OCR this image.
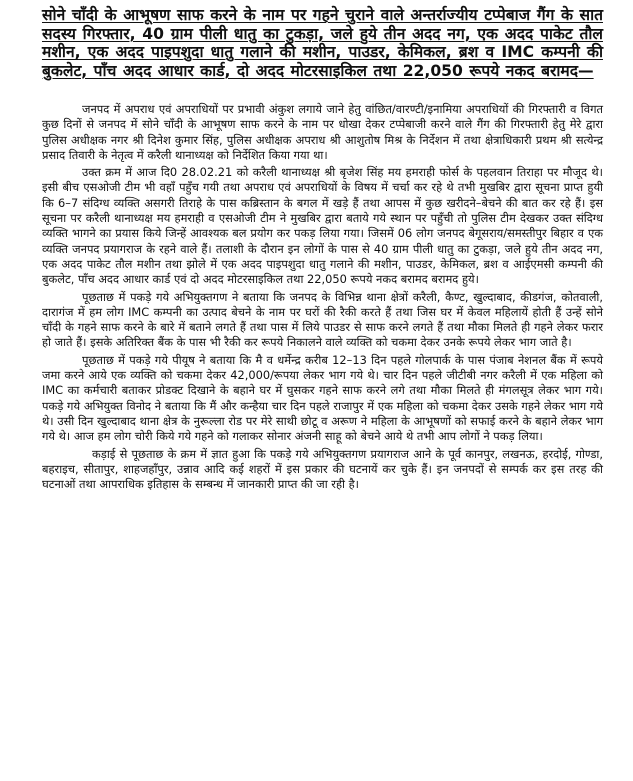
सोने चाँदी के आभूषण साफ करने के नाम पर गहने चुराने वाले अन्तर्राज्यीय टप्पेबाज गैंग के सात सदस्य गिरफ्तार, 40 ग्राम पीली धातु का टुकड़ा, जले हुये तीन अदद नग, एक अदद पाकेट तौल मशीन, एक अदद पाइपशुदा धातु गलाने की मशीन, पाउडर, केमिकल, ब्रश व IMC कम्पनी की बुकलेट, पाँच अदद आधार कार्ड, दो अदद मोटरसाइकिल तथा 22,050 रूपये नकद बरामद—

जनपद में अपराध एवं अपराधियों पर प्रभावी अंकुश लगाये जाने हेतु वांछित/वारण्टी/इनामिया अपराधियों की गिरफ्तारी व विगत कुछ दिनों से जनपद में सोने चाँदी के आभूषण साफ करने के नाम पर धोखा देकर टप्पेबाजी करने वाले गैंग की गिरफ्तारी हेतु मेरे द्वारा पुलिस अधीक्षक नगर श्री दिनेश कुमार सिंह, पुलिस अधीक्षक अपराध श्री आशुतोष मिश्र के निर्देशन में तथा क्षेत्राधिकारी प्रथम श्री सत्येन्द्र प्रसाद तिवारी के नेतृत्व में करैली थानाध्यक्ष को निर्देशित किया गया था।

उक्त क्रम में आज दि0 28.02.21 को करैली थानाध्यक्ष श्री बृजेश सिंह मय हमराही फोर्स के पहलवान तिराहा पर मौजूद थे। इसी बीच एसओजी टीम भी वहाँ पहुँच गयी तथा अपराध एवं अपराधियों के विषय में चर्चा कर रहे थे तभी मुखबिर द्वारा सूचना प्राप्त हुयी कि 6–7 संदिग्ध व्यक्ति असगरी तिराहे के पास कब्रिस्तान के बगल में खड़े हैं तथा आपस में कुछ खरीदने–बेचने की बात कर रहे हैं। इस सूचना पर करैली थानाध्यक्ष मय हमराही व एसओजी टीम ने मुखबिर द्वारा बताये गये स्थान पर पहुँची तो पुलिस टीम देखकर उक्त संदिग्ध व्यक्ति भागने का प्रयास किये जिन्हें आवश्यक बल प्रयोग कर पकड़ लिया गया। जिसमें 06 लोग जनपद बेगूसराय/समस्तीपुर बिहार व एक व्यक्ति जनपद प्रयागराज के रहने वाले हैं। तलाशी के दौरान इन लोगों के पास से 40 ग्राम पीली धातु का टुकड़ा, जले हुये तीन अदद नग, एक अदद पाकेट तौल मशीन तथा झोले में एक अदद पाइपशुदा धातु गलाने की मशीन, पाउडर, केमिकल, ब्रश व आईएमसी कम्पनी की बुकलेट, पाँच अदद आधार कार्ड एवं दो अदद मोटरसाइकिल तथा 22,050 रूपये नकद बरामद बरामद हुये।

पूछताछ में पकड़े गये अभियुक्तगण ने बताया कि जनपद के विभिन्न थाना क्षेत्रों करैली, कैण्ट, खुल्दाबाद, कीडगंज, कोतवाली, दारागंज में हम लोग IMC कम्पनी का उत्पाद बेचने के नाम पर घरों की रैकी करते हैं तथा जिस घर में केवल महिलायें होती हैं उन्हें सोने चाँदी के गहने साफ करने के बारे में बताने लगते हैं तथा पास में लिये पाउडर से साफ करने लगते हैं तथा मौका मिलते ही गहने लेकर फरार हो जाते हैं। इसके अतिरिक्त बैंक के पास भी रैकी कर रूपये निकालने वाले व्यक्ति को चकमा देकर उनके रूपये लेकर भाग जाते है।

पूछताछ में पकड़े गये पीयूष ने बताया कि मै व धर्मेन्द्र करीब 12–13 दिन पहले गोलपार्क के पास पंजाब नेशनल बैंक में रूपये जमा करने आये एक व्यक्ति को चकमा देकर 42,000/रूपया लेकर भाग गये थे। चार दिन पहले जीटीबी नगर करैली में एक महिला को IMC का कर्मचारी बताकर प्रोडक्ट दिखाने के बहाने घर में घुसकर गहने साफ करने लगे तथा मौका मिलते ही मंगलसूत्र लेकर भाग गये। पकड़े गये अभियुक्त विनोद ने बताया कि मैं और कन्हैया चार दिन पहले राजापुर में एक महिला को चकमा देकर उसके गहने लेकर भाग गये थे। उसी दिन खुल्दाबाद थाना क्षेत्र के नुरूल्ला रोड पर मेरे साथी छोटू व अरूण ने महिला के आभूषणों को सफाई करने के बहाने लेकर भाग गये थे। आज हम लोग चोरी किये गये गहने को गलाकर सोनार अंजनी साहू को बेचने आये थे तभी आप लोगों ने पकड़ लिया।

कड़ाई से पूछताछ के क्रम में ज्ञात हुआ कि पकड़े गये अभियुक्तगण प्रयागराज आने के पूर्व कानपुर, लखनऊ, हरदोई, गोण्डा, बहराइच, सीतापुर, शाहजहाँपुर, उन्नाव आदि कई शहरों में इस प्रकार की घटनायें कर चुके हैं। इन जनपदों से सम्पर्क कर इस तरह की घटनाओं तथा आपराधिक इतिहास के सम्बन्ध में जानकारी प्राप्त की जा रही है।
